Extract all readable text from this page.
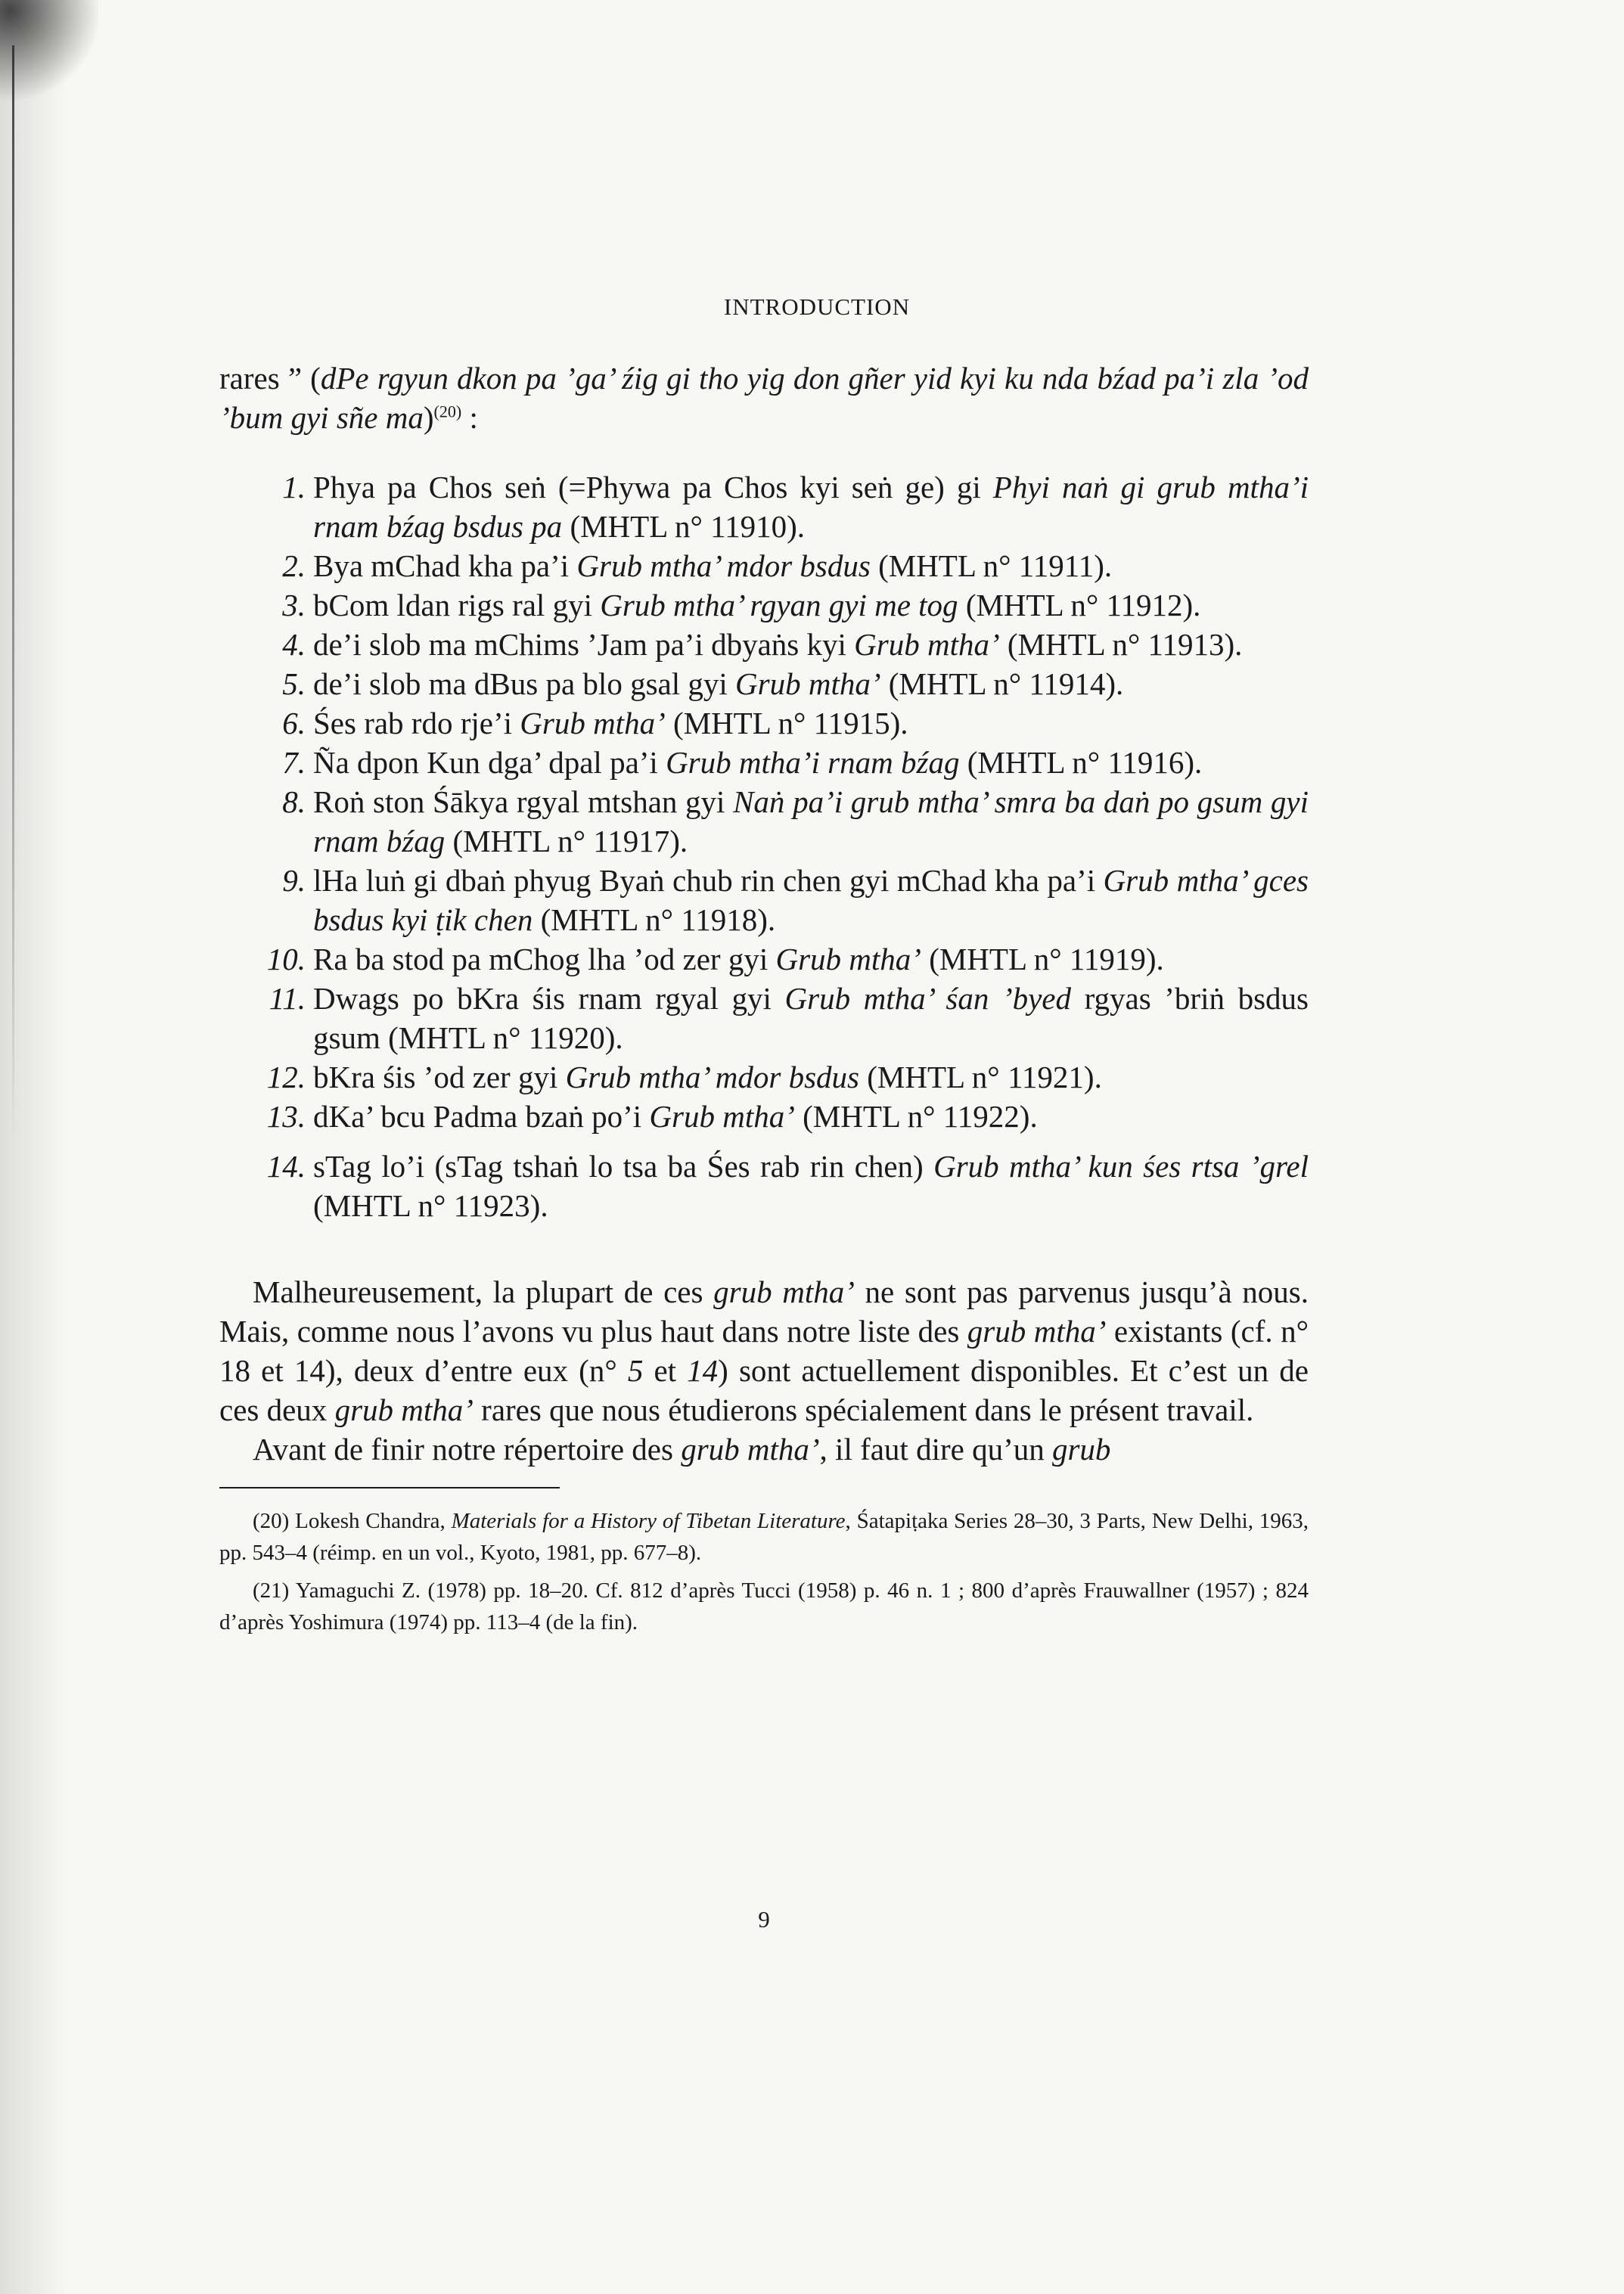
INTRODUCTION

rares ” (dPe rgyun dkon pa ’ga’ źig gi tho yig don gñer yid kyi ku nda bźad pa’i zla ’od ’bum gyi sñe ma)$^{(20)}$ :

1. Phya pa Chos seṅ (=Phywa pa Chos kyi seṅ ge) gi Phyi naṅ gi grub mtha’i rnam bźag bsdus pa (MHTL n° 11910).
2. Bya mChad kha pa’i Grub mtha’ mdor bsdus (MHTL n° 11911).
3. bCom ldan rigs ral gyi Grub mtha’ rgyan gyi me tog (MHTL n° 11912).
4. de’i slob ma mChims ’Jam pa’i dbyaṅs kyi Grub mtha’ (MHTL n° 11913).
5. de’i slob ma dBus pa blo gsal gyi Grub mtha’ (MHTL n° 11914).
6. Śes rab rdo rje’i Grub mtha’ (MHTL n° 11915).
7. Ña dpon Kun dga’ dpal pa’i Grub mtha’i rnam bźag (MHTL n° 11916).
8. Roṅ ston Śākya rgyal mtshan gyi Naṅ pa’i grub mtha’ smra ba daṅ po gsum gyi rnam bźag (MHTL n° 11917).
9. lHa luṅ gi dbaṅ phyug Byaṅ chub rin chen gyi mChad kha pa’i Grub mtha’ gces bsdus kyi ṭik chen (MHTL n° 11918).
10. Ra ba stod pa mChog lha ’od zer gyi Grub mtha’ (MHTL n° 11919).
11. Dwags po bKra śis rnam rgyal gyi Grub mtha’ śan ’byed rgyas ’briṅ bsdus gsum (MHTL n° 11920).
12. bKra śis ’od zer gyi Grub mtha’ mdor bsdus (MHTL n° 11921).
13. dKa’ bcu Padma bzaṅ po’i Grub mtha’ (MHTL n° 11922).
14. sTag lo’i (sTag tshaṅ lo tsa ba Śes rab rin chen) Grub mtha’ kun śes rtsa ’grel (MHTL n° 11923).

Malheureusement, la plupart de ces grub mtha’ ne sont pas parvenus jusqu’à nous. Mais, comme nous l’avons vu plus haut dans notre liste des grub mtha’ existants (cf. n° 18 et 14), deux d’entre eux (n° 5 et 14) sont actuellement disponibles. Et c’est un de ces deux grub mtha’ rares que nous étudierons spécialement dans le présent travail.

Avant de finir notre répertoire des grub mtha’, il faut dire qu’un grub

(20) Lokesh Chandra, Materials for a History of Tibetan Literature, Śatapiṭaka Series 28–30, 3 Parts, New Delhi, 1963, pp. 543–4 (réimp. en un vol., Kyoto, 1981, pp. 677–8).

(21) Yamaguchi Z. (1978) pp. 18–20. Cf. 812 d’après Tucci (1958) p. 46 n. 1 ; 800 d’après Frauwallner (1957) ; 824 d’après Yoshimura (1974) pp. 113–4 (de la fin).

9
